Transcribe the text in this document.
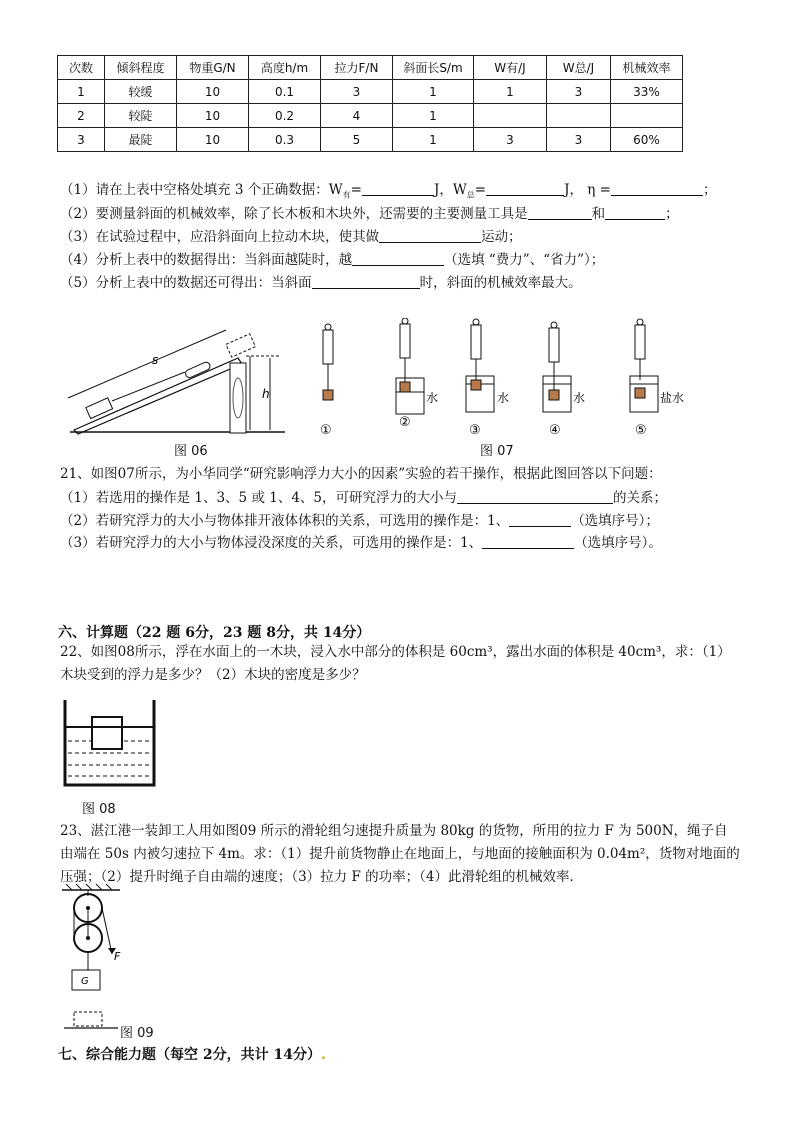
次数	倾斜程度	物重G/N	高度h/m	拉力F/N	斜面长S/m	W有/J	W总/J	机械效率
1	较缓	10	0.1	3	1	1	3	33%
2	较陡	10	0.2	4	1			
3	最陡	10	0.3	5	1	3	3	60%
（1）请在上表中空格处填充 3 个正确数据：$W_有=$	J，$W_总=$	J， η =	；
（2）要测量斜面的机械效率，除了长木板和木块外，还需要的主要测量工具是	和	；
（3）在试验过程中，应沿斜面向上拉动木块，使其做	运动；
（4）分析上表中的数据得出：当斜面越陡时，越	（选填 “费力”、“省力”）；
（5）分析上表中的数据还可得出：当斜面	时，斜面的机械效率最大。
s
h
图 06
水	水	水	盐水
①
②
③	④	⑤
图 07
21、如图07所示，为小华同学“研究影响浮力大小的因素”实验的若干操作，根据此图回答以下问题：
（1）若选用的操作是 1、3、5 或 1、4、5，可研究浮力的大小与	的关系；
（2）若研究浮力的大小与物体排开液体体积的关系，可选用的操作是：1、	（选填序号）；
（3）若研究浮力的大小与物体浸没深度的关系，可选用的操作是：1、	（选填序号）。
六、计算题（22 题 6分，23 题 8分，共 14分）
22、如图08所示，浮在水面上的一木块，浸入水中部分的体积是 60cm³，露出水面的体积是 40cm³，求：（1）木块受到的浮力是多少？（2）木块的密度是多少？
图 08
23、湛江港一装卸工人用如图09 所示的滑轮组匀速提升质量为 80kg 的货物，所用的拉力 F 为 500N，绳子自由端在 50s 内被匀速拉下 4m。求：（1）提升前货物静止在地面上，与地面的接触面积为 0.04m²，货物对地面的压强；（2）提升时绳子自由端的速度；（3）拉力 F 的功率；（4）此滑轮组的机械效率．
F
G
图 09
七、综合能力题（每空 2分，共计 14分）.
